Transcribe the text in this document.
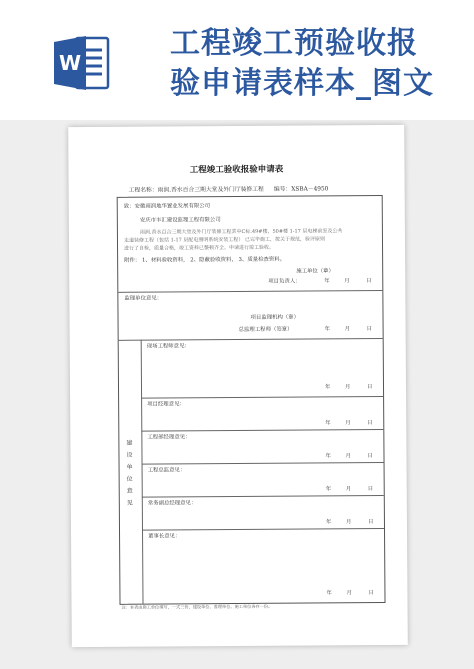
W
工程竣工预验收报
验申请表样本_图文
工程竣工验收报验申请表
工程名称：雨润.香水百合三期大堂及外门厅装修工程 编号：XSBA－4950
致：安徽雨润地华置业发展有限公司
安庆市丰汇建设监理工程有限公司
雨润.香水百合三期大堂及外门厅装修工程其中C标.49#楼，50#楼 1-17 层电梯前室及公共
走道装修工程（包括 1-17 层配电照明系统安装工程） 已完毕施工，按关于规范，验评原则
进行了自检，质量合格，竣工资料已整顿齐全。申请进行竣工验收。
附件： 1、材料验收资料， 2、隐蔽验收资料， 3、质量检查资料。
施工单位（章）
项目负责人：	年	月	日
监理单位意见：
项目监理机构（章）
总监理工程师（签章）	年	月	日
建
设
单
位
意
见
现场工程师意见：
年	月	日
项目经理意见：
年	月	日
工程部经理意见：
年	月	日
工程总监意见：
年	月	日
常务副总经理意见：
年	月	日
董事长意见：
年	月	日
注：本表由施工单位填写，一式三份，建设单位、监理单位、施工单位各存一份。
